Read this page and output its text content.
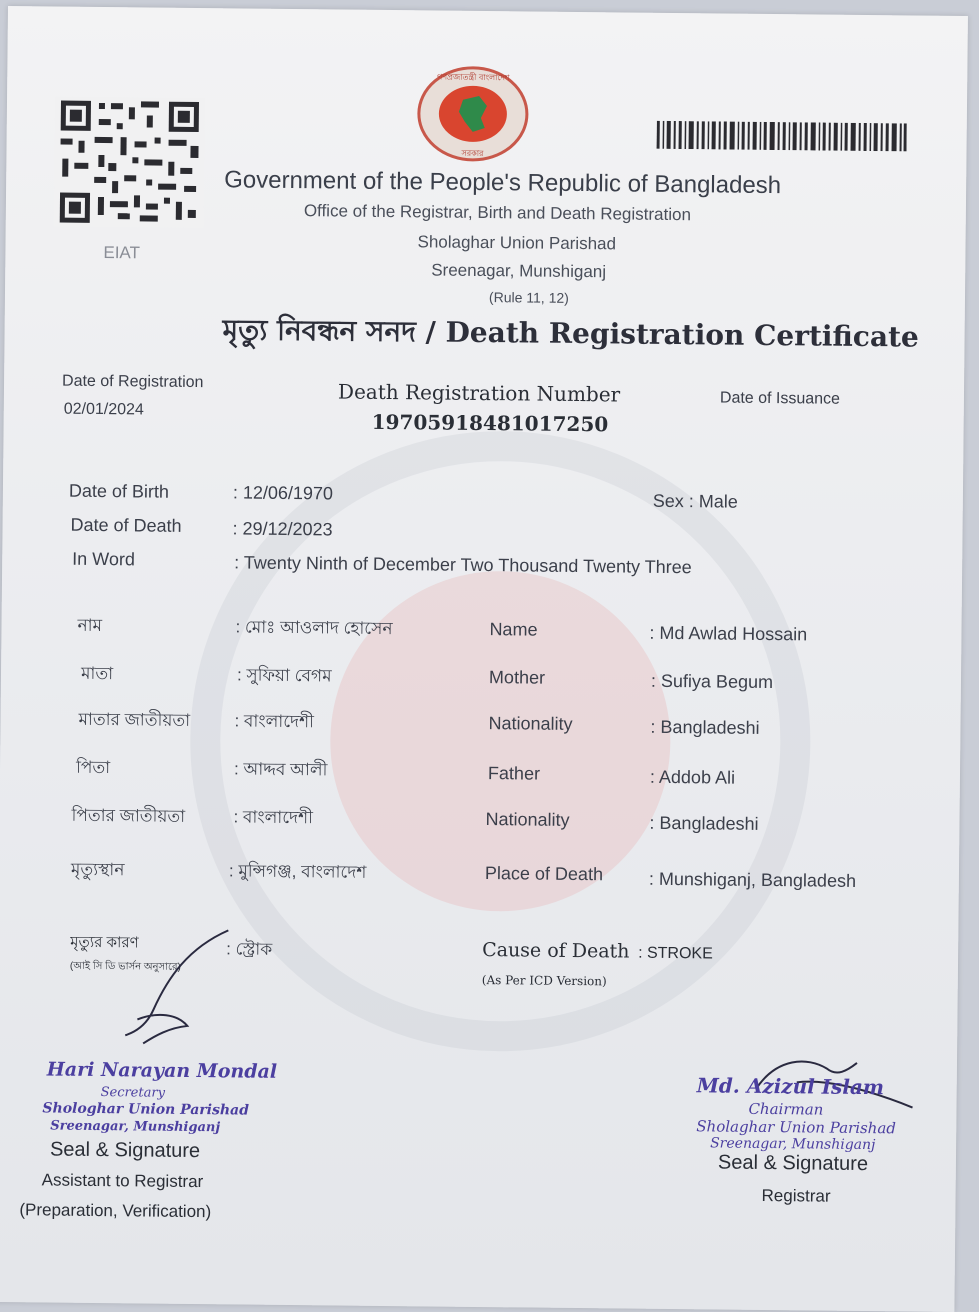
EIAT
গণপ্রজাতন্ত্রী বাংলাদেশ
সরকার
Government of the People's Republic of Bangladesh
Office of the Registrar, Birth and Death Registration
Sholaghar Union Parishad
Sreenagar, Munshiganj
(Rule 11, 12)
মৃত্যু নিবন্ধন সনদ / Death Registration Certificate
Date of Registration
02/01/2024
Death Registration Number
19705918481017250
Date of Issuance
Date of Birth	: 12/06/1970	Sex : Male
Date of Death	: 29/12/2023
In Word	: Twenty Ninth of December Two Thousand Twenty Three
নাম	: মোঃ আওলাদ হোসেন	Name	: Md Awlad Hossain
মাতা	: সুফিয়া বেগম	Mother	: Sufiya Begum
মাতার জাতীয়তা	: বাংলাদেশী	Nationality	: Bangladeshi
পিতা	: আদ্দব আলী	Father	: Addob Ali
পিতার জাতীয়তা	: বাংলাদেশী	Nationality	: Bangladeshi
মৃত্যুস্থান	: মুন্সিগঞ্জ, বাংলাদেশ	Place of Death	: Munshiganj, Bangladesh
মৃত্যুর কারণ
(আই সি ডি ভার্সন অনুসারে)
: স্ট্রোক	Cause of Death : STROKE
(As Per ICD Version)
Hari Narayan Mondal
Secretary
Shologhar Union Parishad
Sreenagar, Munshiganj
Seal & Signature
Assistant to Registrar
(Preparation, Verification)
Md. Azizul Islam
Chairman
Sholaghar Union Parishad
Sreenagar, Munshiganj
Seal & Signature
Registrar
